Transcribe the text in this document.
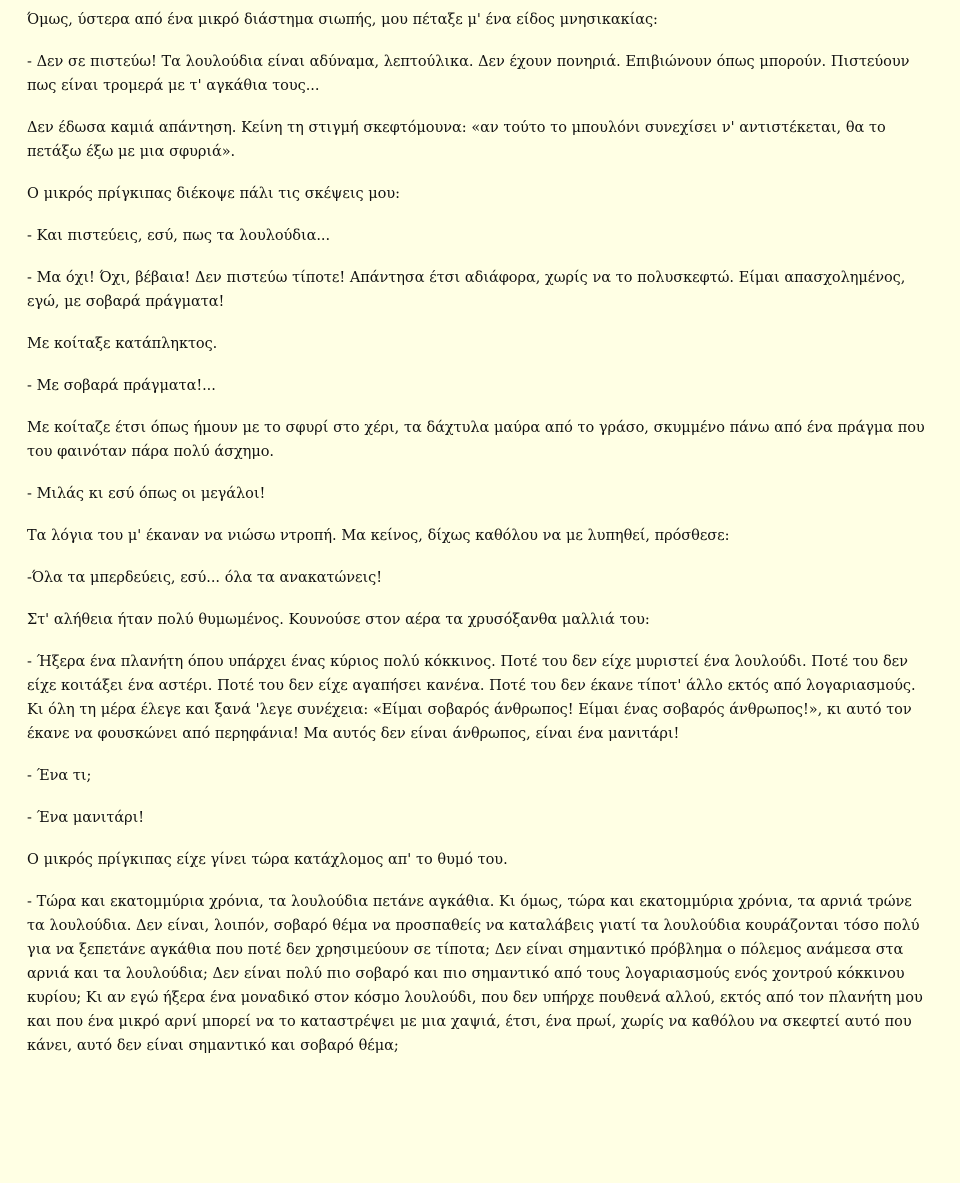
Όμως, ύστερα από ένα μικρό διάστημα σιωπής, μου πέταξε μ' ένα είδος μνησικακίας:

- Δεν σε πιστεύω! Τα λουλούδια είναι αδύναμα, λεπτούλικα. Δεν έχουν πονηριά. Επιβιώνουν όπως μπορούν. Πιστεύουν πως είναι τρομερά με τ' αγκάθια τους...

Δεν έδωσα καμιά απάντηση. Κείνη τη στιγμή σκεφτόμουνα: «αν τούτο το μπουλόνι συνεχίσει ν' αντιστέκεται, θα το πετάξω έξω με μια σφυριά».

Ο μικρός πρίγκιπας διέκοψε πάλι τις σκέψεις μου:

- Και πιστεύεις, εσύ, πως τα λουλούδια...

- Μα όχι! Όχι, βέβαια! Δεν πιστεύω τίποτε! Απάντησα έτσι αδιάφορα, χωρίς να το πολυσκεφτώ. Είμαι απασχολημένος, εγώ, με σοβαρά πράγματα!

Με κοίταξε κατάπληκτος.

- Με σοβαρά πράγματα!...

Με κοίταζε έτσι όπως ήμουν με το σφυρί στο χέρι, τα δάχτυλα μαύρα από το γράσο, σκυμμένο πάνω από ένα πράγμα που του φαινόταν πάρα πολύ άσχημο.

- Μιλάς κι εσύ όπως οι μεγάλοι!

Τα λόγια του μ' έκαναν να νιώσω ντροπή. Μα κείνος, δίχως καθόλου να με λυπηθεί, πρόσθεσε:

-Όλα τα μπερδεύεις, εσύ... όλα τα ανακατώνεις!

Στ' αλήθεια ήταν πολύ θυμωμένος. Κουνούσε στον αέρα τα χρυσόξανθα μαλλιά του:

- Ήξερα ένα πλανήτη όπου υπάρχει ένας κύριος πολύ κόκκινος. Ποτέ του δεν είχε μυριστεί ένα λουλούδι. Ποτέ του δεν είχε κοιτάξει ένα αστέρι. Ποτέ του δεν είχε αγαπήσει κανένα. Ποτέ του δεν έκανε τίποτ' άλλο εκτός από λογαριασμούς. Κι όλη τη μέρα έλεγε και ξανά 'λεγε συνέχεια: «Είμαι σοβαρός άνθρωπος! Είμαι ένας σοβαρός άνθρωπος!», κι αυτό τον έκανε να φουσκώνει από περηφάνια! Μα αυτός δεν είναι άνθρωπος, είναι ένα μανιτάρι!

- Ένα τι;

- Ένα μανιτάρι!

Ο μικρός πρίγκιπας είχε γίνει τώρα κατάχλομος απ' το θυμό του.

- Τώρα και εκατομμύρια χρόνια, τα λουλούδια πετάνε αγκάθια. Κι όμως, τώρα και εκατομμύρια χρόνια, τα αρνιά τρώνε τα λουλούδια. Δεν είναι, λοιπόν, σοβαρό θέμα να προσπαθείς να καταλάβεις γιατί τα λουλούδια κουράζονται τόσο πολύ για να ξεπετάνε αγκάθια που ποτέ δεν χρησιμεύουν σε τίποτα; Δεν είναι σημαντικό πρόβλημα ο πόλεμος ανάμεσα στα αρνιά και τα λουλούδια; Δεν είναι πολύ πιο σοβαρό και πιο σημαντικό από τους λογαριασμούς ενός χοντρού κόκκινου κυρίου; Κι αν εγώ ήξερα ένα μοναδικό στον κόσμο λουλούδι, που δεν υπήρχε πουθενά αλλού, εκτός από τον πλανήτη μου και που ένα μικρό αρνί μπορεί να το καταστρέψει με μια χαψιά, έτσι, ένα πρωί, χωρίς να καθόλου να σκεφτεί αυτό που κάνει, αυτό δεν είναι σημαντικό και σοβαρό θέμα;
